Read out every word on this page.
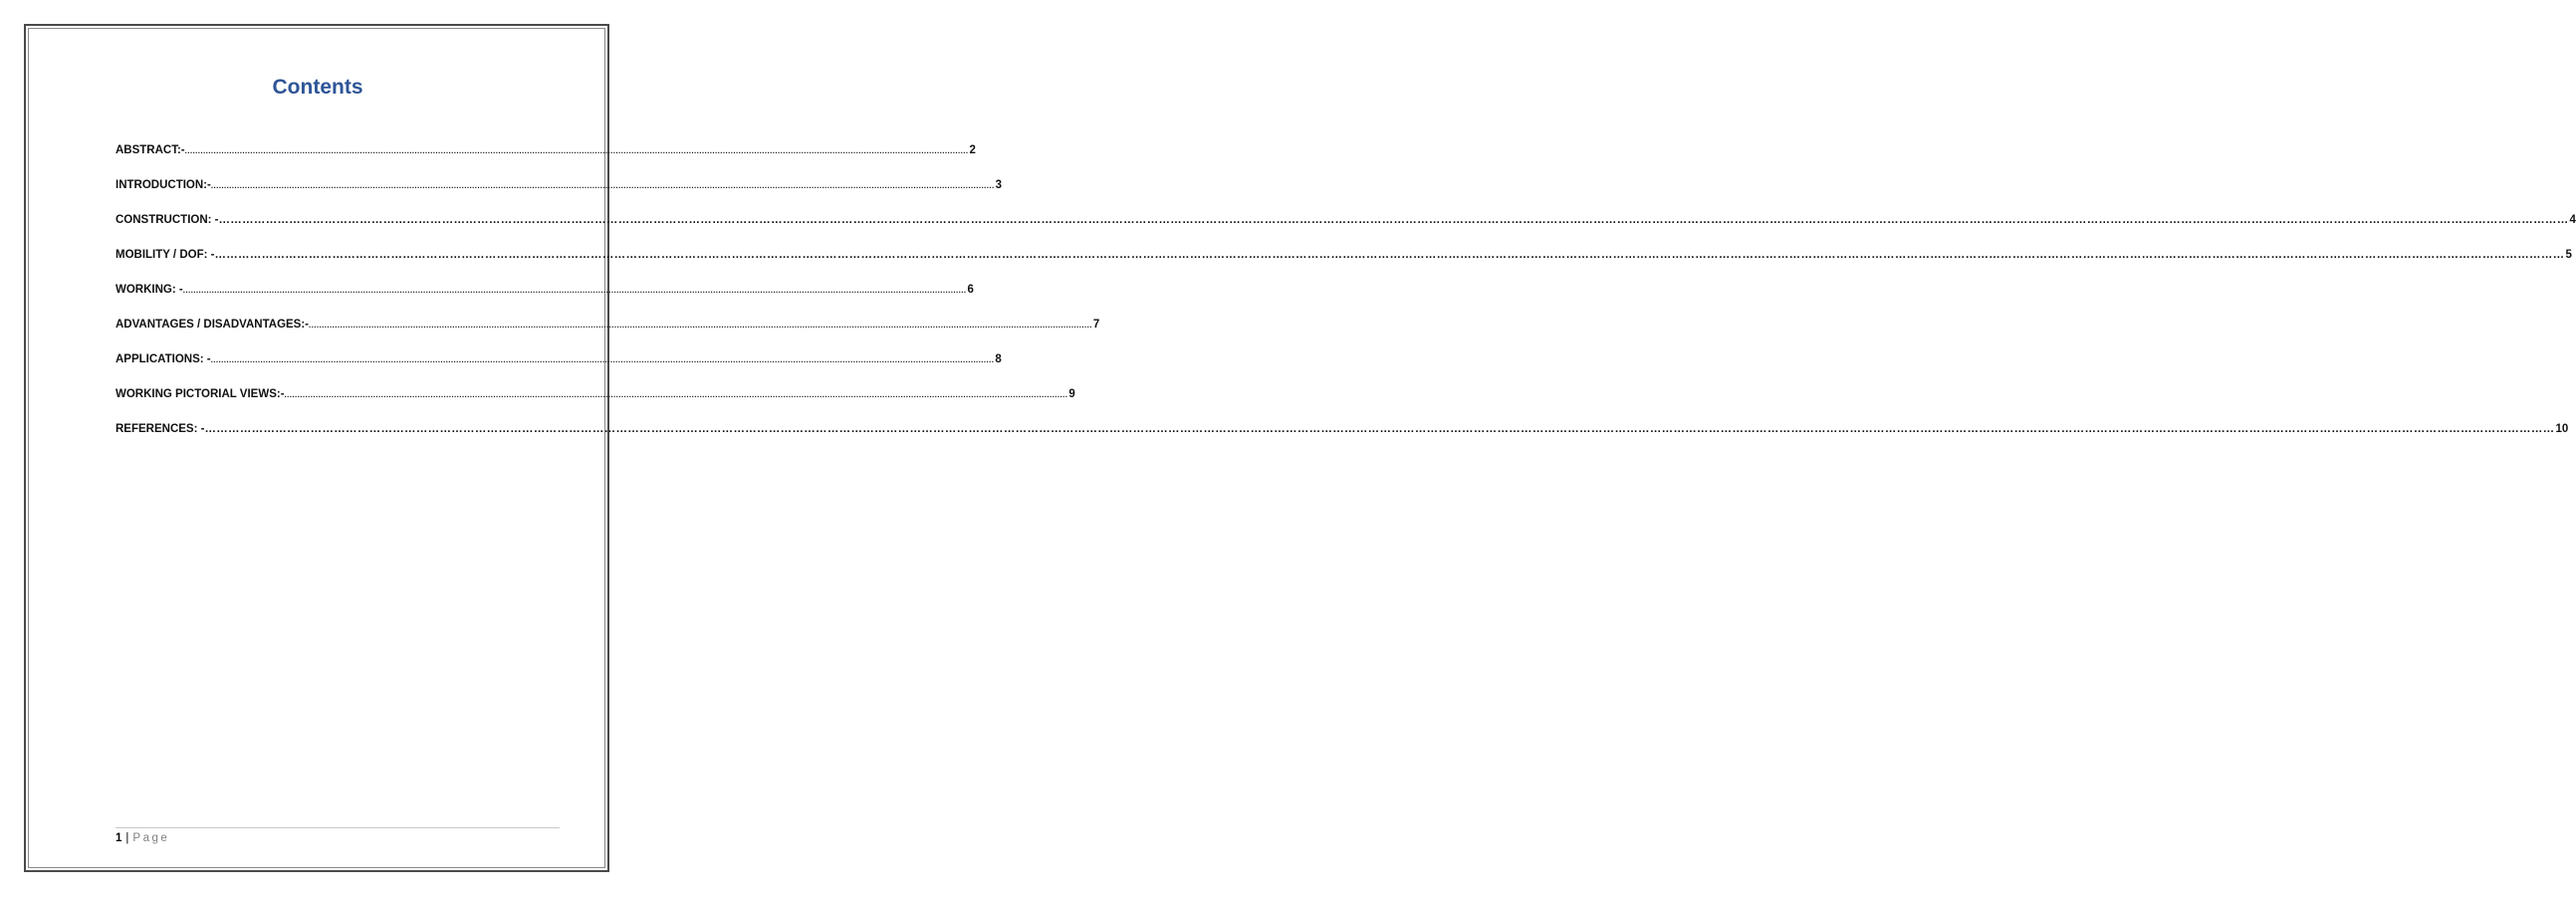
Contents
ABSTRACT:- ............................................................................................................................................................................................................................................................................................................ 2
INTRODUCTION:- ............................................................................................................................................................................................................................................................................................................ 3
CONSTRUCTION: - …………………………………………………………………………………………………………………………………………………………………………………………………………………………………………………………………………………………………………………………………………………………………………………………………………………………………………………………………………………………………………………………………………………… 4
MOBILITY / DOF: - …………………………………………………………………………………………………………………………………………………………………………………………………………………………………………………………………………………………………………………………………………………………………………………………………………………………………………………………………………………………………………………………………………………… 5
WORKING: - ............................................................................................................................................................................................................................................................................................................ 6
ADVANTAGES / DISADVANTAGES:- ............................................................................................................................................................................................................................................................................................................ 7
APPLICATIONS: - ............................................................................................................................................................................................................................................................................................................ 8
WORKING PICTORIAL VIEWS:- ............................................................................................................................................................................................................................................................................................................ 9
REFERENCES: - …………………………………………………………………………………………………………………………………………………………………………………………………………………………………………………………………………………………………………………………………………………………………………………………………………………………………………………………………………………………………………………………………………………… 10
1 | Page
